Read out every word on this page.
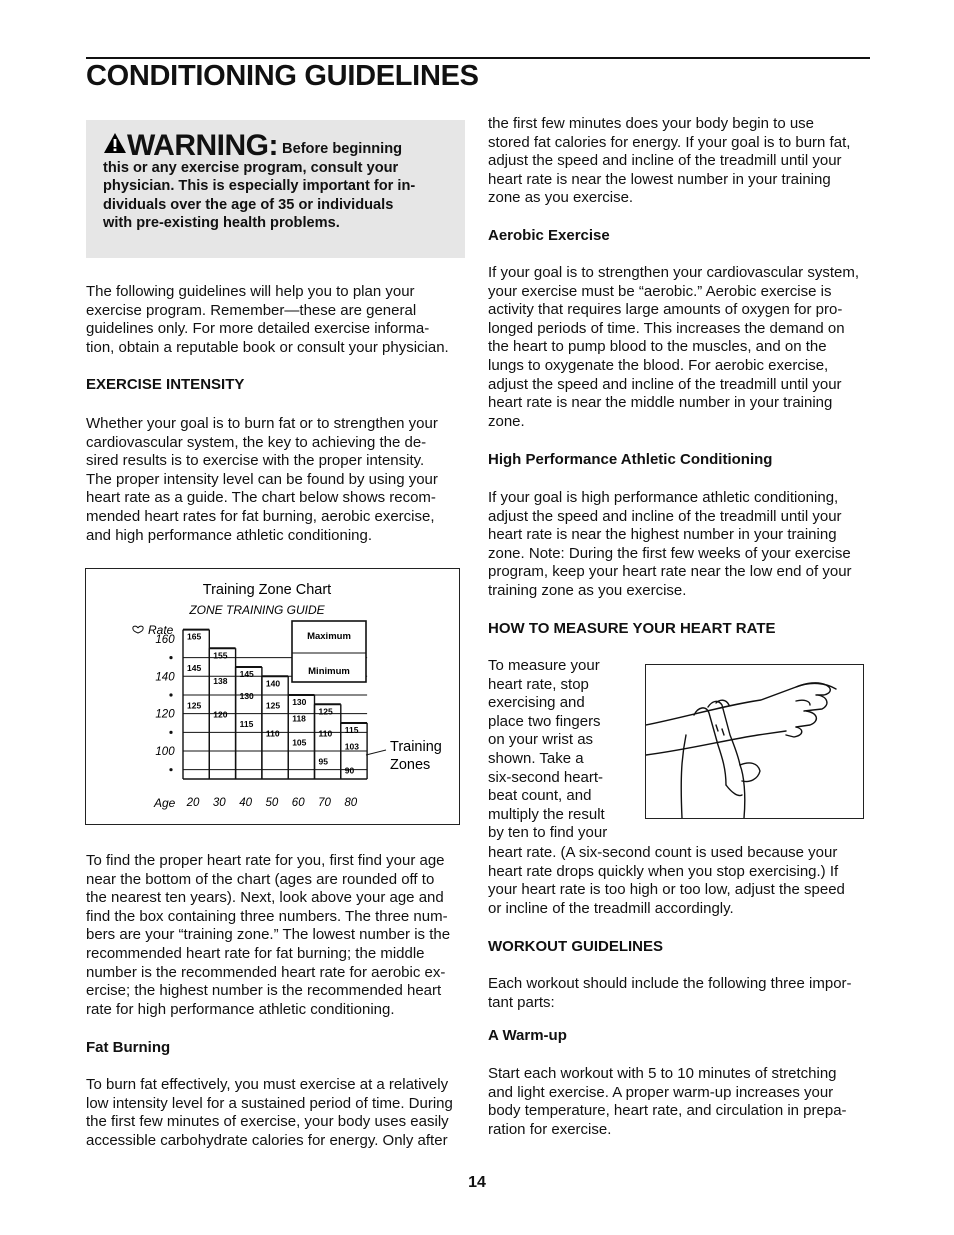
CONDITIONING GUIDELINES
WARNING: Before beginning
this or any exercise program, consult your
physician. This is especially important for in-
dividuals over the age of 35 or individuals
with pre-existing health problems.
The following guidelines will help you to plan your
exercise program. Remember—these are general
guidelines only. For more detailed exercise informa-
tion, obtain a reputable book or consult your physician.
EXERCISE INTENSITY
Whether your goal is to burn fat or to strengthen your
cardiovascular system, the key to achieving the de-
sired results is to exercise with the proper intensity.
The proper intensity level can be found by using your
heart rate as a guide. The chart below shows recom-
mended heart rates for fat burning, aerobic exercise,
and high performance athletic conditioning.
Training Zone Chart
ZONE TRAINING GUIDE
Rate
160
140
120
100
165
145
125
20
155
138
120
30
145
130
115
40
140
125
110
50
130
118
105
60
125
110
95
70
115
103
90
80
Age
Maximum
Minimum
Training
Zones
To find the proper heart rate for you, first find your age
near the bottom of the chart (ages are rounded off to
the nearest ten years). Next, look above your age and
find the box containing three numbers. The three num-
bers are your “training zone.” The lowest number is the
recommended heart rate for fat burning; the middle
number is the recommended heart rate for aerobic ex-
ercise; the highest number is the recommended heart
rate for high performance athletic conditioning.
Fat Burning
To burn fat effectively, you must exercise at a relatively
low intensity level for a sustained period of time. During
the first few minutes of exercise, your body uses easily
accessible carbohydrate calories for energy. Only after
the first few minutes does your body begin to use
stored fat calories for energy. If your goal is to burn fat,
adjust the speed and incline of the treadmill until your
heart rate is near the lowest number in your training
zone as you exercise.
Aerobic Exercise
If your goal is to strengthen your cardiovascular system,
your exercise must be “aerobic.” Aerobic exercise is
activity that requires large amounts of oxygen for pro-
longed periods of time. This increases the demand on
the heart to pump blood to the muscles, and on the
lungs to oxygenate the blood. For aerobic exercise,
adjust the speed and incline of the treadmill until your
heart rate is near the middle number in your training
zone.
High Performance Athletic Conditioning
If your goal is high performance athletic conditioning,
adjust the speed and incline of the treadmill until your
heart rate is near the highest number in your training
zone. Note: During the first few weeks of your exercise
program, keep your heart rate near the low end of your
training zone as you exercise.
HOW TO MEASURE YOUR HEART RATE
To measure your
heart rate, stop
exercising and
place two fingers
on your wrist as
shown. Take a
six-second heart-
beat count, and
multiply the result
by ten to find your
heart rate. (A six-second count is used because your
heart rate drops quickly when you stop exercising.) If
your heart rate is too high or too low, adjust the speed
or incline of the treadmill accordingly.
WORKOUT GUIDELINES
Each workout should include the following three impor-
tant parts:
A Warm-up
Start each workout with 5 to 10 minutes of stretching
and light exercise. A proper warm-up increases your
body temperature, heart rate, and circulation in prepa-
ration for exercise.
14
